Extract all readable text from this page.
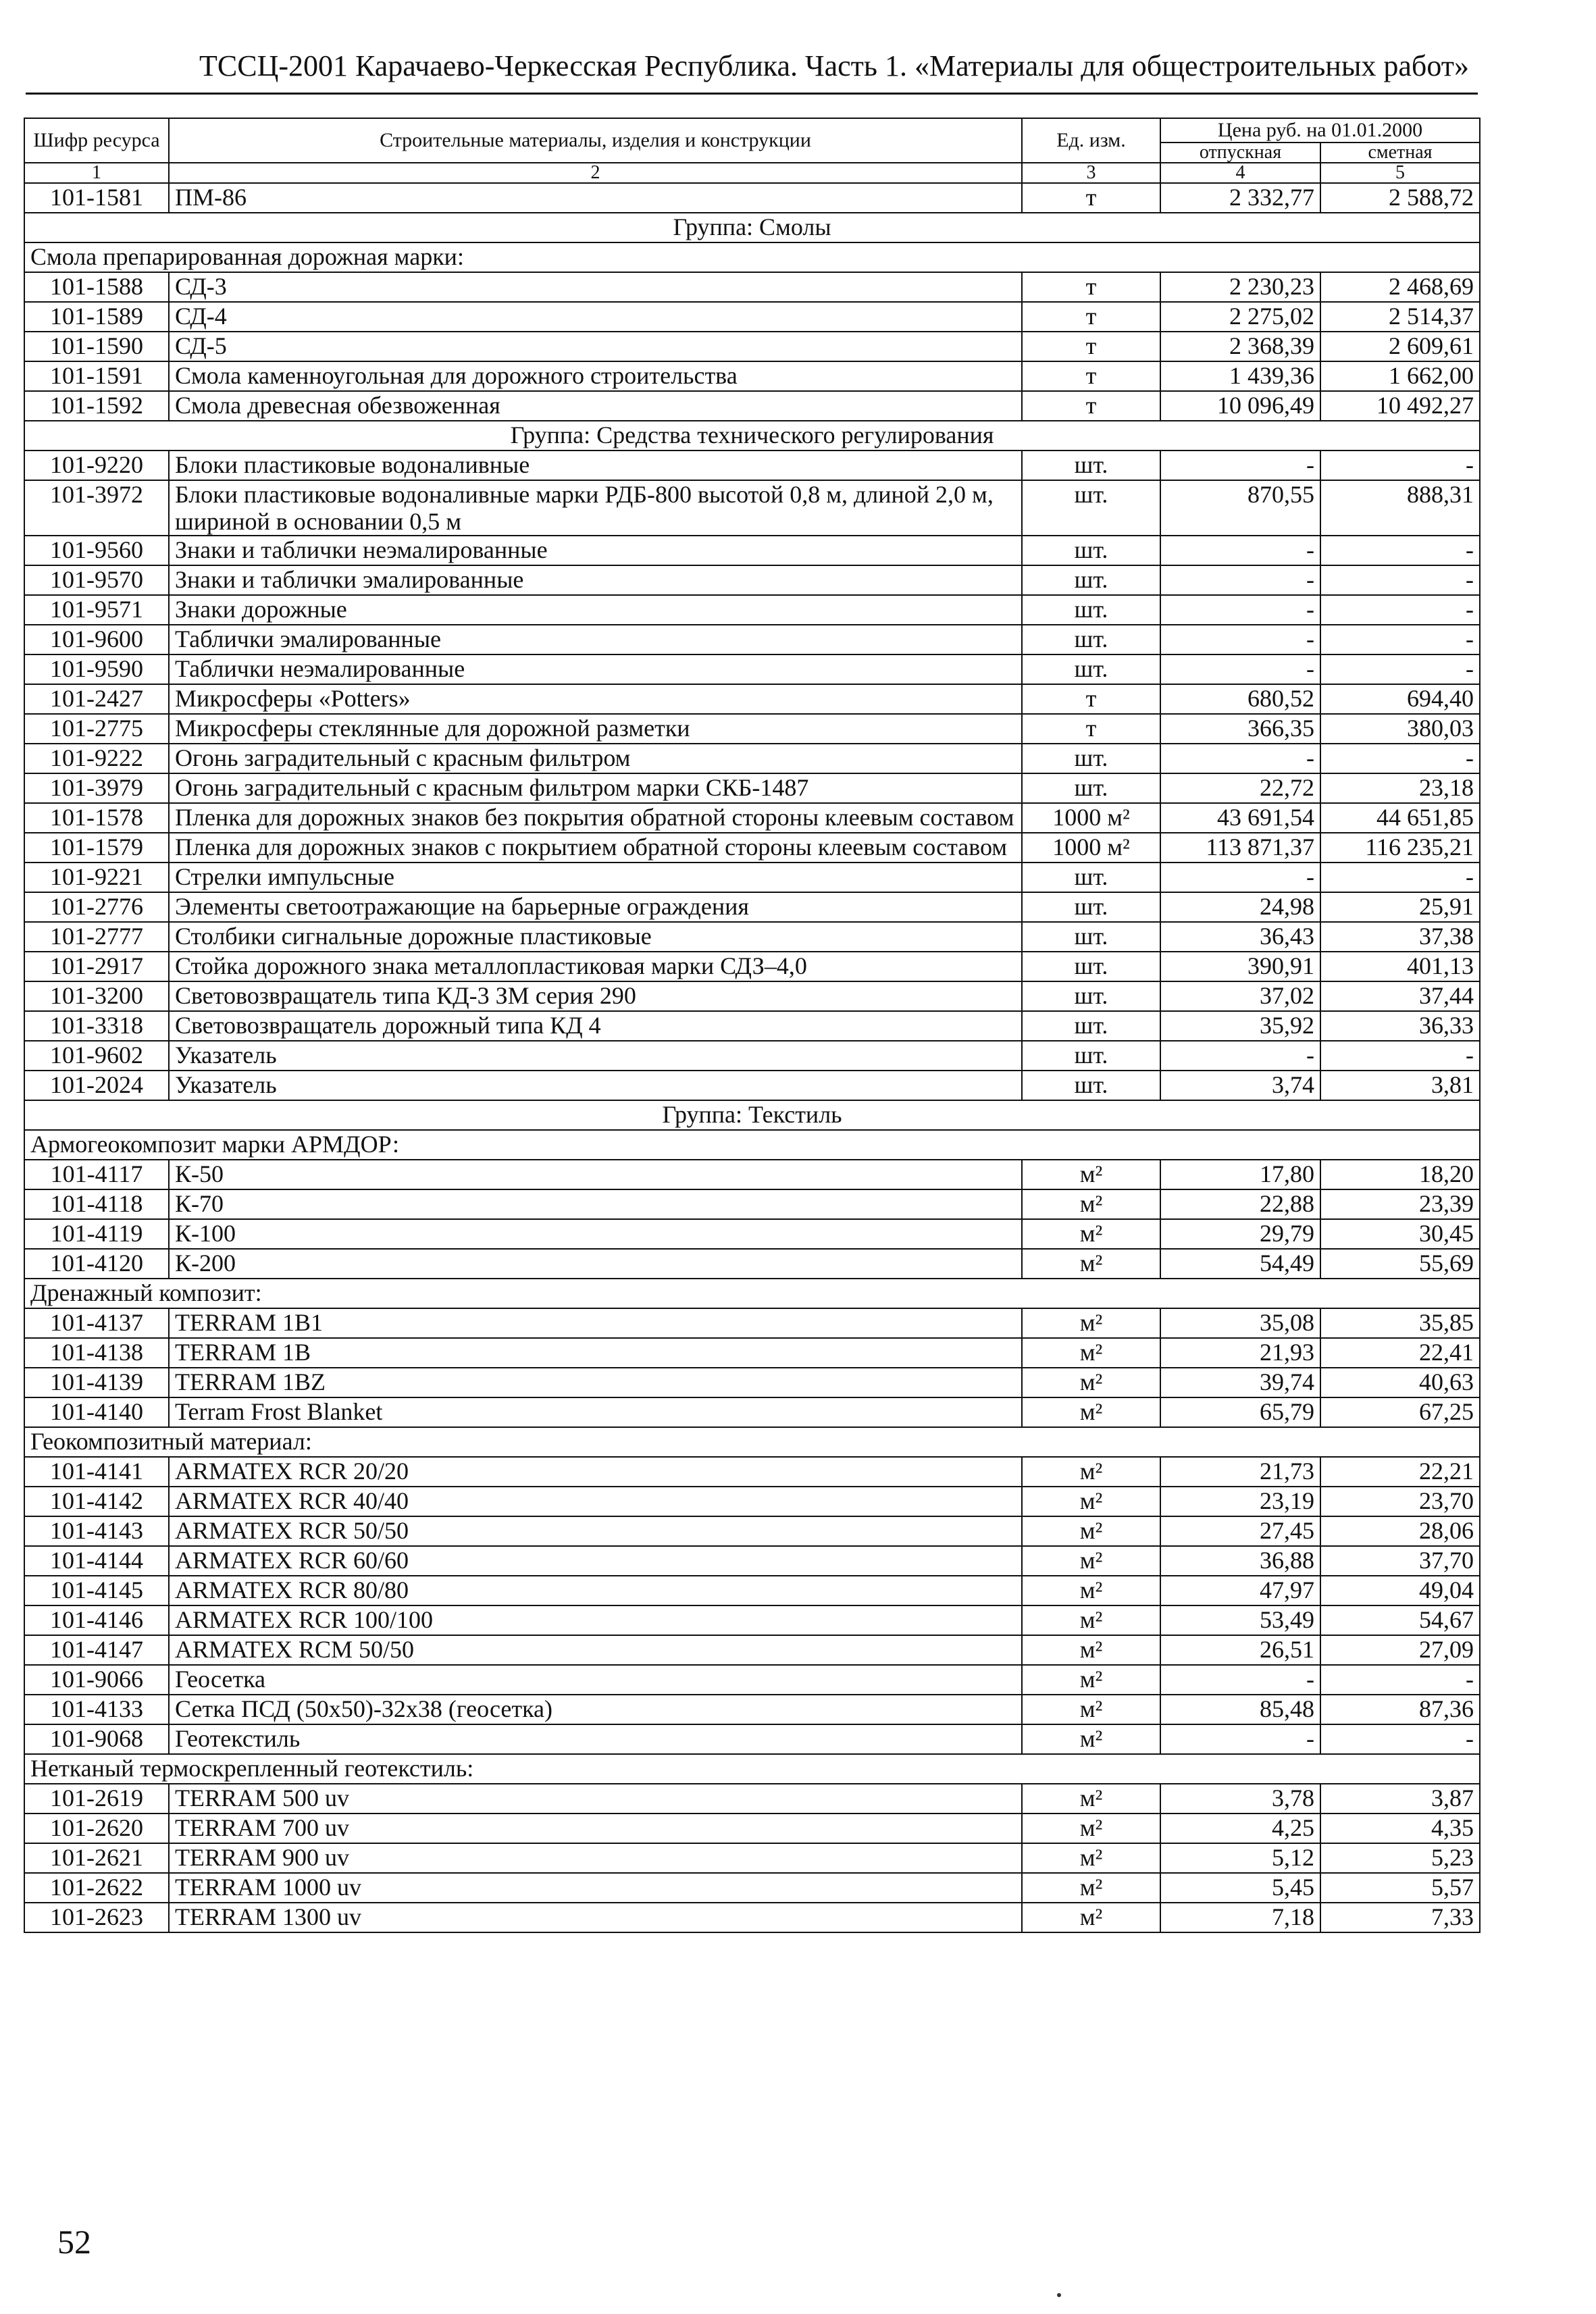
ТССЦ-2001 Карачаево-Черкесская Республика. Часть 1. «Материалы для общестроительных работ»
Шифр ресурса	Строительные материалы, изделия и конструкции	Ед. изм.	Цена руб. на 01.01.2000	
			отпускная	сметная
1	2	3	4	5
101-1581	ПМ-86	т	2 332,77	2 588,72
Группа: Смолы				
Смола препарированная дорожная марки:				
101-1588	СД-3	т	2 230,23	2 468,69
101-1589	СД-4	т	2 275,02	2 514,37
101-1590	СД-5	т	2 368,39	2 609,61
101-1591	Смола каменноугольная для дорожного строительства	т	1 439,36	1 662,00
101-1592	Смола древесная обезвоженная	т	10 096,49	10 492,27
Группа: Средства технического регулирования				
101-9220	Блоки пластиковые водоналивные	шт.	-	-
101-3972	Блоки пластиковые водоналивные марки РДБ-800 высотой 0,8 м, длиной 2,0 м, шириной в основании 0,5 м	шт.	870,55	888,31
101-9560	Знаки и таблички неэмалированные	шт.	-	-
101-9570	Знаки и таблички эмалированные	шт.	-	-
101-9571	Знаки дорожные	шт.	-	-
101-9600	Таблички эмалированные	шт.	-	-
101-9590	Таблички неэмалированные	шт.	-	-
101-2427	Микросферы «Potters»	т	680,52	694,40
101-2775	Микросферы стеклянные для дорожной разметки	т	366,35	380,03
101-9222	Огонь заградительный с красным фильтром	шт.	-	-
101-3979	Огонь заградительный с красным фильтром марки СКБ-1487	шт.	22,72	23,18
101-1578	Пленка для дорожных знаков без покрытия обратной стороны клеевым составом	1000 м²	43 691,54	44 651,85
101-1579	Пленка для дорожных знаков с покрытием обратной стороны клеевым составом	1000 м²	113 871,37	116 235,21
101-9221	Стрелки импульсные	шт.	-	-
101-2776	Элементы светоотражающие на барьерные ограждения	шт.	24,98	25,91
101-2777	Столбики сигнальные дорожные пластиковые	шт.	36,43	37,38
101-2917	Стойка дорожного знака металлопластиковая марки СДЗ–4,0	шт.	390,91	401,13
101-3200	Световозвращатель типа КД-3 ЗМ серия 290	шт.	37,02	37,44
101-3318	Световозвращатель дорожный типа КД 4	шт.	35,92	36,33
101-9602	Указатель	шт.	-	-
101-2024	Указатель	шт.	3,74	3,81
Группа: Текстиль				
Армогеокомпозит марки АРМДОР:				
101-4117	К-50	м²	17,80	18,20
101-4118	К-70	м²	22,88	23,39
101-4119	К-100	м²	29,79	30,45
101-4120	К-200	м²	54,49	55,69
Дренажный композит:				
101-4137	TERRAM 1B1	м²	35,08	35,85
101-4138	TERRAM 1B	м²	21,93	22,41
101-4139	TERRAM 1BZ	м²	39,74	40,63
101-4140	Terram Frost Blanket	м²	65,79	67,25
Геокомпозитный материал:				
101-4141	ARMATEX RCR 20/20	м²	21,73	22,21
101-4142	ARMATEX RCR 40/40	м²	23,19	23,70
101-4143	ARMATEX RCR 50/50	м²	27,45	28,06
101-4144	ARMATEX RCR 60/60	м²	36,88	37,70
101-4145	ARMATEX RCR 80/80	м²	47,97	49,04
101-4146	ARMATEX RCR 100/100	м²	53,49	54,67
101-4147	ARMATEX RCM 50/50	м²	26,51	27,09
101-9066	Геосетка	м²	-	-
101-4133	Сетка ПСД (50x50)-32x38 (геосетка)	м²	85,48	87,36
101-9068	Геотекстиль	м²	-	-
Нетканый термоскрепленный геотекстиль:				
101-2619	TERRAM 500 uv	м²	3,78	3,87
101-2620	TERRAM 700 uv	м²	4,25	4,35
101-2621	TERRAM 900 uv	м²	5,12	5,23
101-2622	TERRAM 1000 uv	м²	5,45	5,57
101-2623	TERRAM 1300 uv	м²	7,18	7,33
52
